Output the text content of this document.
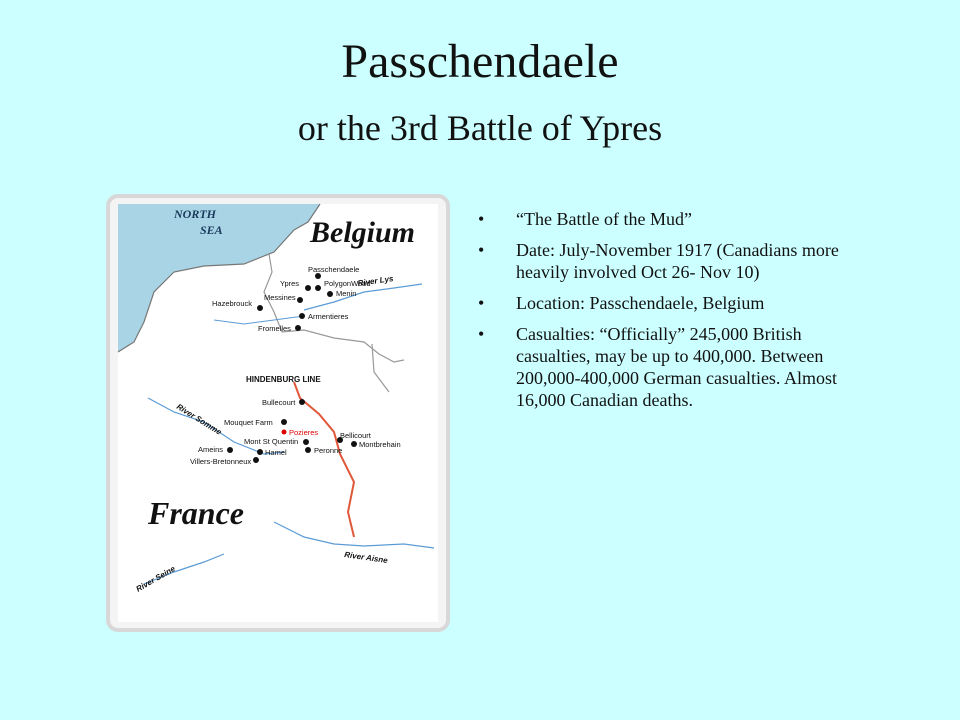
Passchendaele
or the 3rd Battle of Ypres
NORTH
SEA	Belgium
France
HINDENBURG LINE
River Lys
River Somme
River Aisne
River Seine
Passchendaele
Ypres	PolygonWood
Menin
Messines
Hazebrouck
Armentieres
Fromelles
Bullecourt
Mouquet Farm
Pozieres
Mont St Quentin
Bellicourt
Montbrehain
Ameins	Hamel	Peronne
Villers-Bretonneux
• “The Battle of the Mud”
• Date: July-November 1917 (Canadians more heavily involved Oct 26- Nov 10)
• Location: Passchendaele, Belgium
• Casualties: “Officially” 245,000 British casualties, may be up to 400,000. Between 200,000-400,000 German casualties. Almost 16,000 Canadian deaths.
